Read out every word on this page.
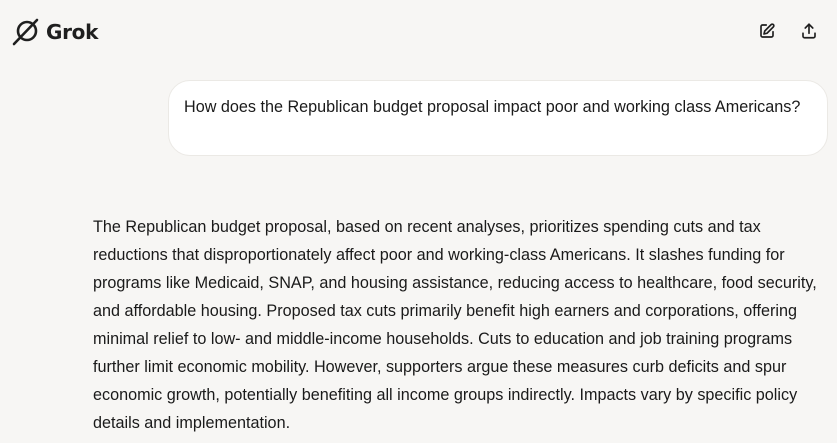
Grok
How does the Republican budget proposal impact poor and working class Americans?
The Republican budget proposal, based on recent analyses, prioritizes spending cuts and tax reductions that disproportionately affect poor and working-class Americans. It slashes funding for programs like Medicaid, SNAP, and housing assistance, reducing access to healthcare, food security, and affordable housing. Proposed tax cuts primarily benefit high earners and corporations, offering minimal relief to low- and middle-income households. Cuts to education and job training programs further limit economic mobility. However, supporters argue these measures curb deficits and spur economic growth, potentially benefiting all income groups indirectly. Impacts vary by specific policy details and implementation.
